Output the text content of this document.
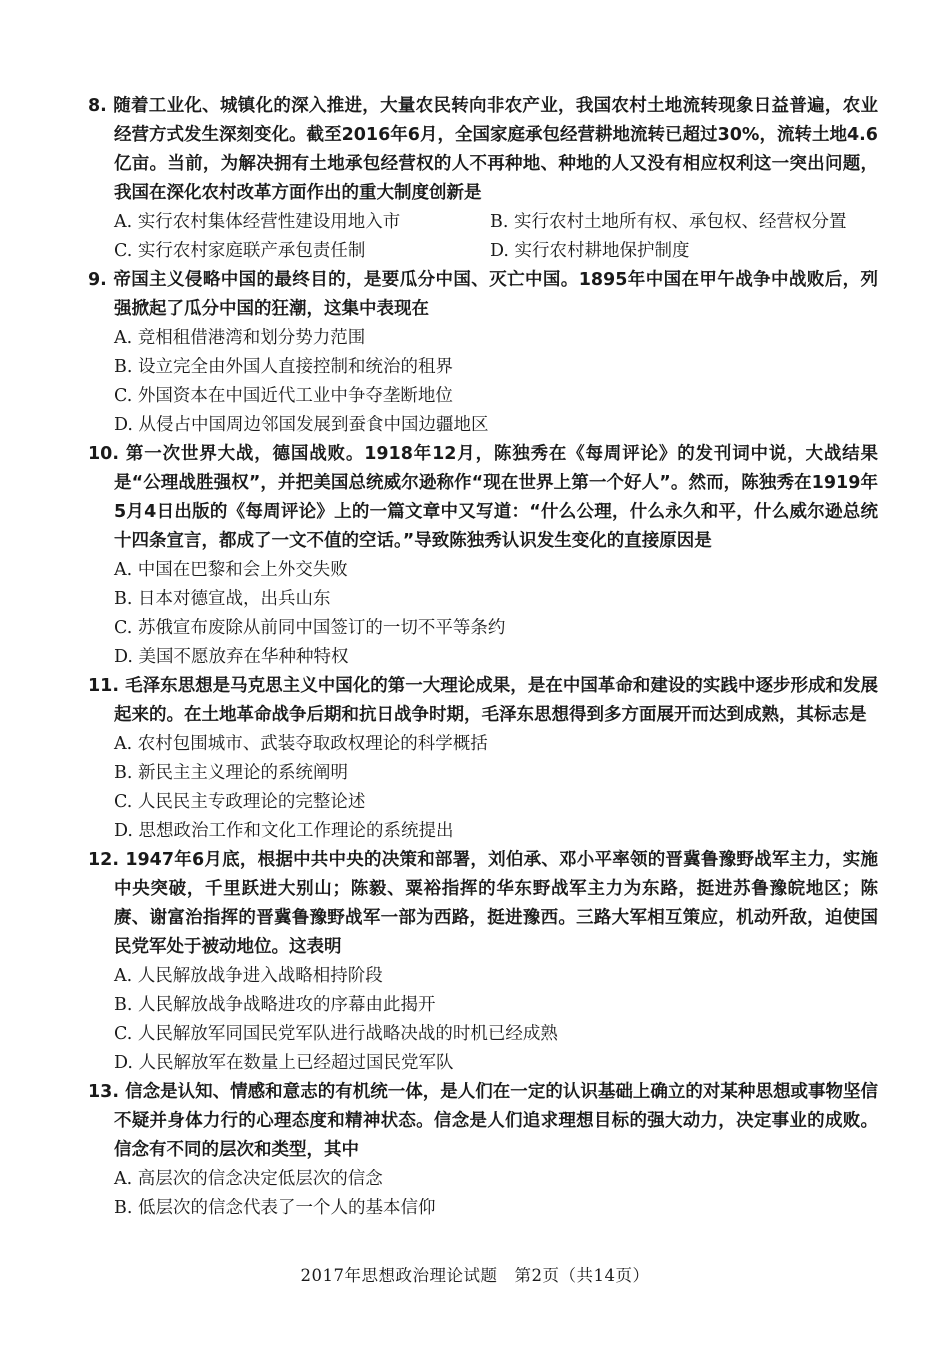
8. 随着工业化、城镇化的深入推进，大量农民转向非农产业，我国农村土地流转现象日益普遍，农业经营方式发生深刻变化。截至2016年6月，全国家庭承包经营耕地流转已超过30%，流转土地4.6亿亩。当前，为解决拥有土地承包经营权的人不再种地、种地的人又没有相应权利这一突出问题，我国在深化农村改革方面作出的重大制度创新是
A. 实行农村集体经营性建设用地入市	B. 实行农村土地所有权、承包权、经营权分置
C. 实行农村家庭联产承包责任制	D. 实行农村耕地保护制度
9. 帝国主义侵略中国的最终目的，是要瓜分中国、灭亡中国。1895年中国在甲午战争中战败后，列强掀起了瓜分中国的狂潮，这集中表现在
A. 竞相租借港湾和划分势力范围
B. 设立完全由外国人直接控制和统治的租界
C. 外国资本在中国近代工业中争夺垄断地位
D. 从侵占中国周边邻国发展到蚕食中国边疆地区
10. 第一次世界大战，德国战败。1918年12月，陈独秀在《每周评论》的发刊词中说，大战结果是“公理战胜强权”，并把美国总统威尔逊称作“现在世界上第一个好人”。然而，陈独秀在1919年5月4日出版的《每周评论》上的一篇文章中又写道：“什么公理，什么永久和平，什么威尔逊总统十四条宣言，都成了一文不值的空话。”导致陈独秀认识发生变化的直接原因是
A. 中国在巴黎和会上外交失败
B. 日本对德宣战，出兵山东
C. 苏俄宣布废除从前同中国签订的一切不平等条约
D. 美国不愿放弃在华种种特权
11. 毛泽东思想是马克思主义中国化的第一大理论成果，是在中国革命和建设的实践中逐步形成和发展起来的。在土地革命战争后期和抗日战争时期，毛泽东思想得到多方面展开而达到成熟，其标志是
A. 农村包围城市、武装夺取政权理论的科学概括
B. 新民主主义理论的系统阐明
C. 人民民主专政理论的完整论述
D. 思想政治工作和文化工作理论的系统提出
12. 1947年6月底，根据中共中央的决策和部署，刘伯承、邓小平率领的晋冀鲁豫野战军主力，实施中央突破，千里跃进大别山；陈毅、粟裕指挥的华东野战军主力为东路，挺进苏鲁豫皖地区；陈赓、谢富治指挥的晋冀鲁豫野战军一部为西路，挺进豫西。三路大军相互策应，机动歼敌，迫使国民党军处于被动地位。这表明
A. 人民解放战争进入战略相持阶段
B. 人民解放战争战略进攻的序幕由此揭开
C. 人民解放军同国民党军队进行战略决战的时机已经成熟
D. 人民解放军在数量上已经超过国民党军队
13. 信念是认知、情感和意志的有机统一体，是人们在一定的认识基础上确立的对某种思想或事物坚信不疑并身体力行的心理态度和精神状态。信念是人们追求理想目标的强大动力，决定事业的成败。信念有不同的层次和类型，其中
A. 高层次的信念决定低层次的信念
B. 低层次的信念代表了一个人的基本信仰
2017年思想政治理论试题　第2页（共14页）
